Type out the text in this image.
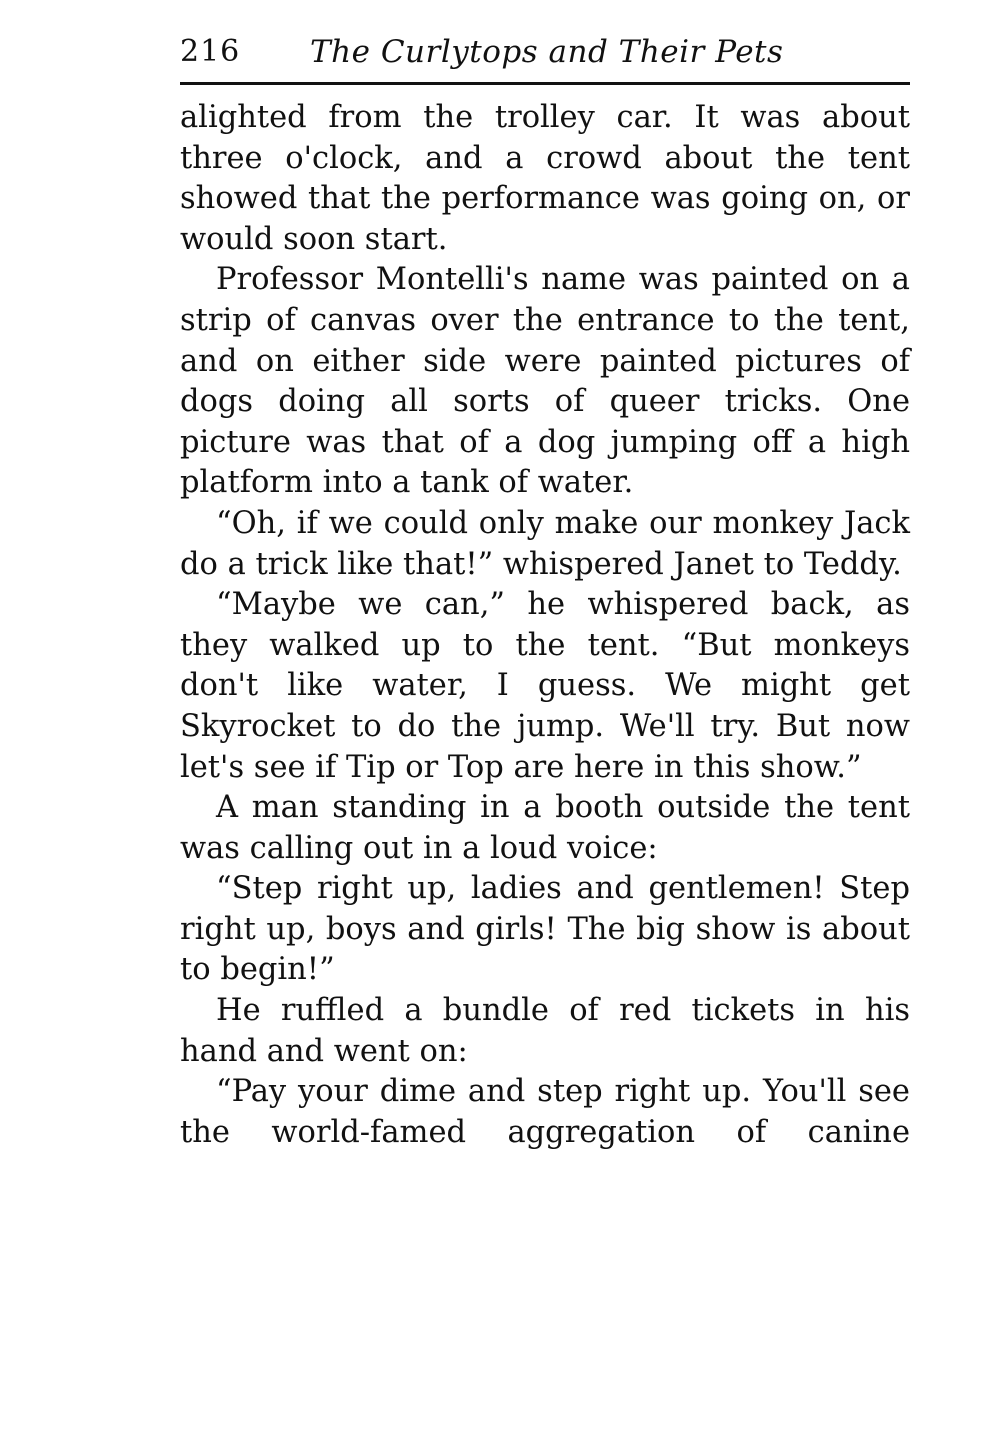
216 The Curlytops and Their Pets

alighted from the trolley car. It was about three o'clock, and a crowd about the tent showed that the performance was going on, or would soon start.

Professor Montelli's name was painted on a strip of canvas over the entrance to the tent, and on either side were painted pictures of dogs doing all sorts of queer tricks. One picture was that of a dog jumping off a high platform into a tank of water.

“Oh, if we could only make our monkey Jack do a trick like that!” whispered Janet to Teddy.

“Maybe we can,” he whispered back, as they walked up to the tent. “But monkeys don't like water, I guess. We might get Skyrocket to do the jump. We'll try. But now let's see if Tip or Top are here in this show.”

A man standing in a booth outside the tent was calling out in a loud voice:

“Step right up, ladies and gentlemen! Step right up, boys and girls! The big show is about to begin!”

He ruffled a bundle of red tickets in his hand and went on:

“Pay your dime and step right up. You'll see the world-famed aggregation of canine
